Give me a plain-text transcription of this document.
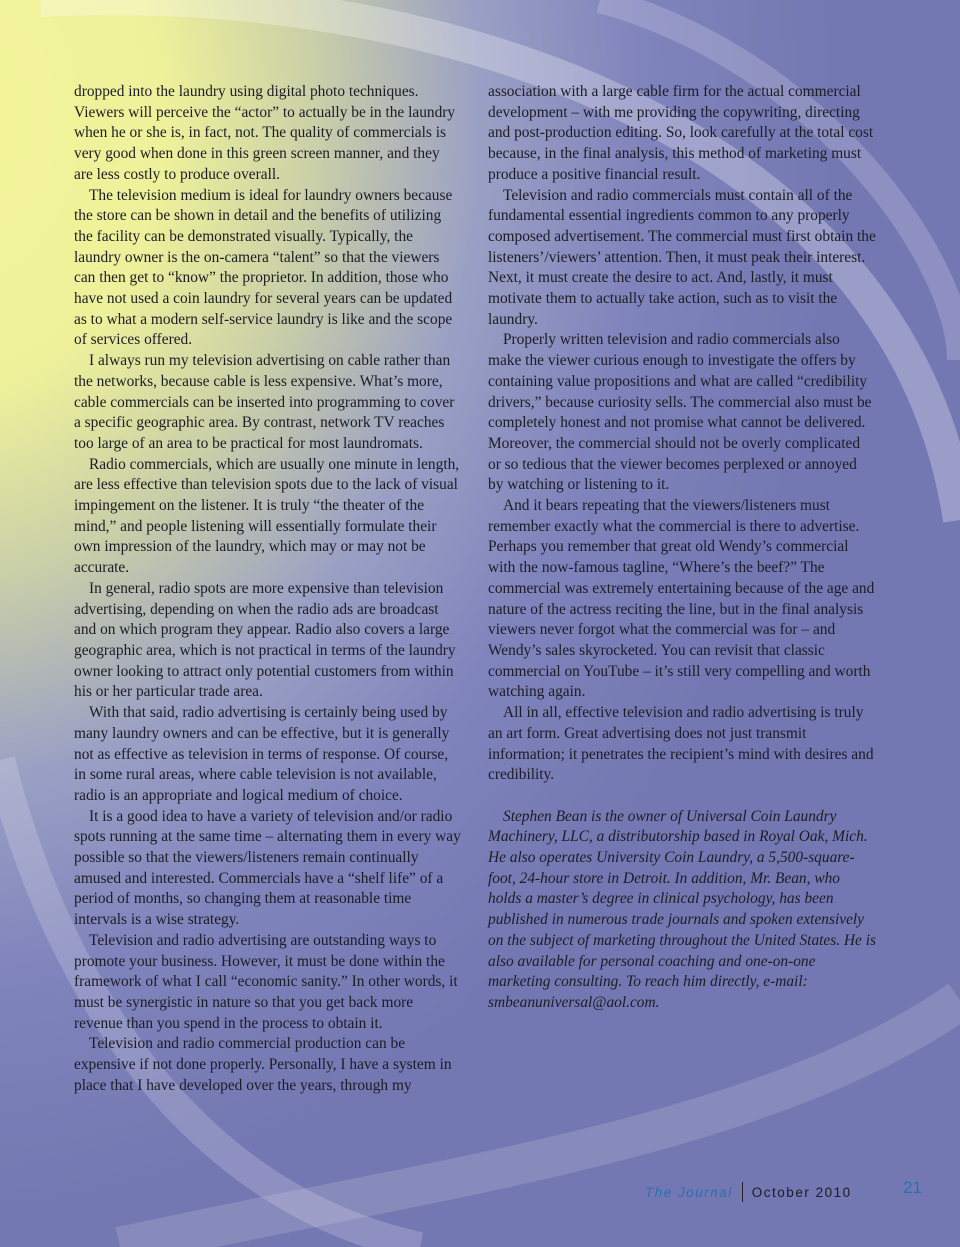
dropped into the laundry using digital photo techniques. Viewers will perceive the “actor” to actually be in the laundry when he or she is, in fact, not. The quality of commercials is very good when done in this green screen manner, and they are less costly to produce overall.

The television medium is ideal for laundry owners because the store can be shown in detail and the benefits of utilizing the facility can be demonstrated visually. Typically, the laundry owner is the on-camera “talent” so that the viewers can then get to “know” the proprietor. In addition, those who have not used a coin laundry for several years can be updated as to what a modern self-service laundry is like and the scope of services offered.

I always run my television advertising on cable rather than the networks, because cable is less expensive. What’s more, cable commercials can be inserted into programming to cover a specific geographic area. By contrast, network TV reaches too large of an area to be practical for most laundromats.

Radio commercials, which are usually one minute in length, are less effective than television spots due to the lack of visual impingement on the listener. It is truly “the theater of the mind,” and people listening will essentially formulate their own impression of the laundry, which may or may not be accurate.

In general, radio spots are more expensive than television advertising, depending on when the radio ads are broadcast and on which program they appear. Radio also covers a large geographic area, which is not practical in terms of the laundry owner looking to attract only potential customers from within his or her particular trade area.

With that said, radio advertising is certainly being used by many laundry owners and can be effective, but it is generally not as effective as television in terms of response. Of course, in some rural areas, where cable television is not available, radio is an appropriate and logical medium of choice.

It is a good idea to have a variety of television and/or radio spots running at the same time – alternating them in every way possible so that the viewers/listeners remain continually amused and interested. Commercials have a “shelf life” of a period of months, so changing them at reasonable time intervals is a wise strategy.

Television and radio advertising are outstanding ways to promote your business. However, it must be done within the framework of what I call “economic sanity.” In other words, it must be synergistic in nature so that you get back more revenue than you spend in the process to obtain it.

Television and radio commercial production can be expensive if not done properly. Personally, I have a system in place that I have developed over the years, through my

association with a large cable firm for the actual commercial development – with me providing the copywriting, directing and post-production editing. So, look carefully at the total cost because, in the final analysis, this method of marketing must produce a positive financial result.

Television and radio commercials must contain all of the fundamental essential ingredients common to any properly composed advertisement. The commercial must first obtain the listeners’/viewers’ attention. Then, it must peak their interest. Next, it must create the desire to act. And, lastly, it must motivate them to actually take action, such as to visit the laundry.

Properly written television and radio commercials also make the viewer curious enough to investigate the offers by containing value propositions and what are called “credibility drivers,” because curiosity sells. The commercial also must be completely honest and not promise what cannot be delivered. Moreover, the commercial should not be overly complicated or so tedious that the viewer becomes perplexed or annoyed by watching or listening to it.

And it bears repeating that the viewers/listeners must remember exactly what the commercial is there to advertise. Perhaps you remember that great old Wendy’s commercial with the now-famous tagline, “Where’s the beef?” The commercial was extremely entertaining because of the age and nature of the actress reciting the line, but in the final analysis viewers never forgot what the commercial was for – and Wendy’s sales skyrocketed. You can revisit that classic commercial on YouTube – it’s still very compelling and worth watching again.

All in all, effective television and radio advertising is truly an art form. Great advertising does not just transmit information; it penetrates the recipient’s mind with desires and credibility.

Stephen Bean is the owner of Universal Coin Laundry Machinery, LLC, a distributorship based in Royal Oak, Mich. He also operates University Coin Laundry, a 5,500-square-foot, 24-hour store in Detroit. In addition, Mr. Bean, who holds a master’s degree in clinical psychology, has been published in numerous trade journals and spoken extensively on the subject of marketing throughout the United States. He is also available for personal coaching and one-on-one marketing consulting. To reach him directly, e-mail: smbeanuniversal@aol.com.

The Journal October 2010	21
